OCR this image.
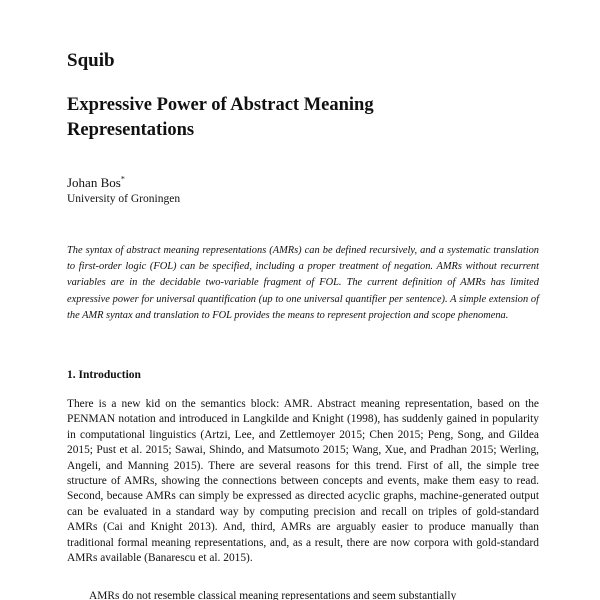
Squib
Expressive Power of Abstract Meaning Representations
Johan Bos*
University of Groningen

The syntax of abstract meaning representations (AMRs) can be defined recursively, and a systematic translation to first-order logic (FOL) can be specified, including a proper treatment of negation. AMRs without recurrent variables are in the decidable two-variable fragment of FOL. The current definition of AMRs has limited expressive power for universal quantification (up to one universal quantifier per sentence). A simple extension of the AMR syntax and translation to FOL provides the means to represent projection and scope phenomena.

1. Introduction

There is a new kid on the semantics block: AMR. Abstract meaning representation, based on the PENMAN notation and introduced in Langkilde and Knight (1998), has suddenly gained in popularity in computational linguistics (Artzi, Lee, and Zettlemoyer 2015; Chen 2015; Peng, Song, and Gildea 2015; Pust et al. 2015; Sawai, Shindo, and Matsumoto 2015; Wang, Xue, and Pradhan 2015; Werling, Angeli, and Manning 2015). There are several reasons for this trend. First of all, the simple tree structure of AMRs, showing the connections between concepts and events, make them easy to read. Second, because AMRs can simply be expressed as directed acyclic graphs, machine-generated output can be evaluated in a standard way by computing precision and recall on triples of gold-standard AMRs (Cai and Knight 2013). And, third, AMRs are arguably easier to produce manually than traditional formal meaning representations, and, as a result, there are now corpora with gold-standard AMRs available (Banarescu et al. 2015).

AMRs do not resemble classical meaning representations and seem substantially
